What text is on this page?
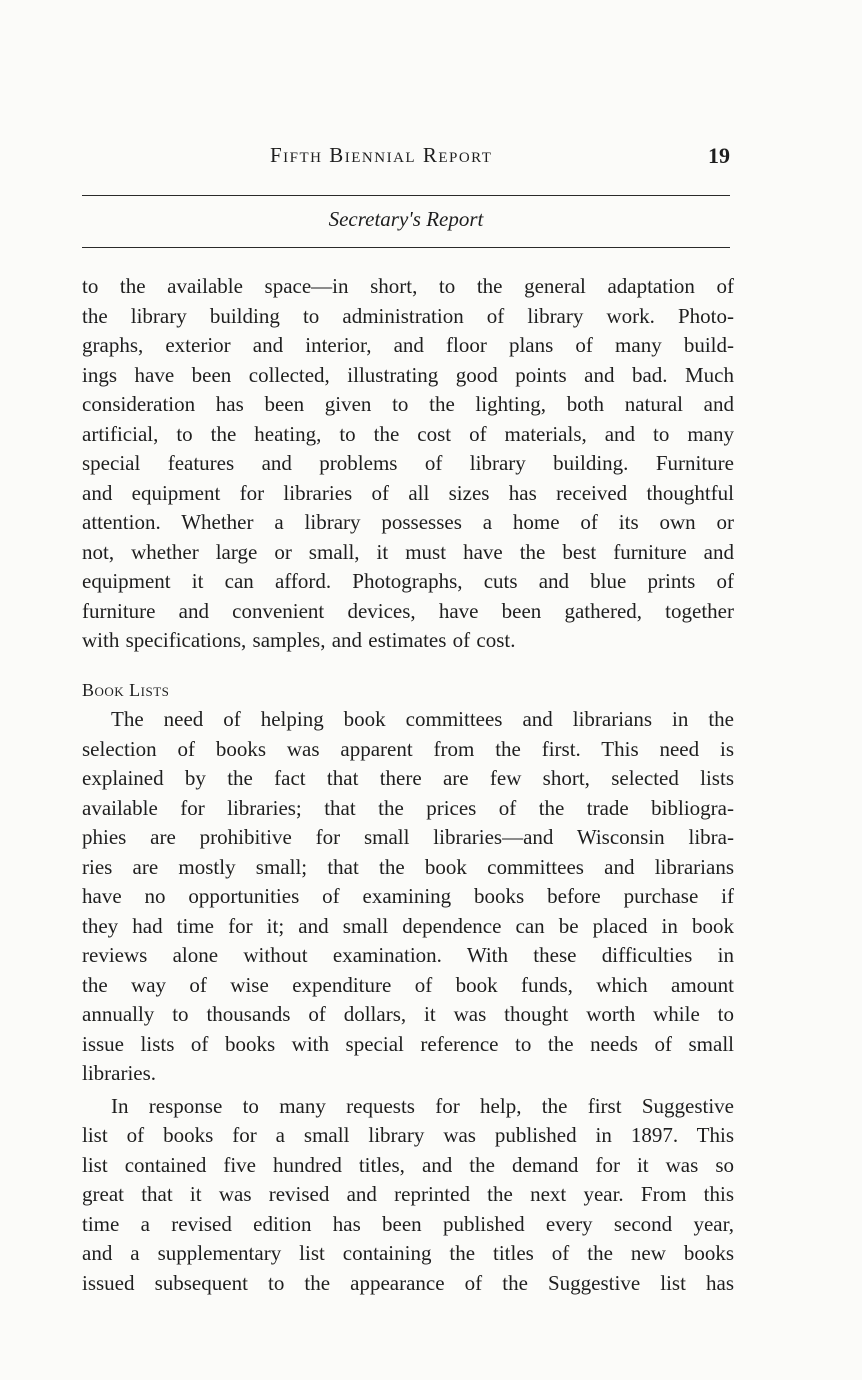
Fifth Biennial Report	19
Secretary's Report
to the available space—in short, to the general adaptation of
the library building to administration of library work. Photo-
graphs, exterior and interior, and floor plans of many build-
ings have been collected, illustrating good points and bad. Much
consideration has been given to the lighting, both natural and
artificial, to the heating, to the cost of materials, and to many
special features and problems of library building. Furniture
and equipment for libraries of all sizes has received thoughtful
attention. Whether a library possesses a home of its own or
not, whether large or small, it must have the best furniture and
equipment it can afford. Photographs, cuts and blue prints of
furniture and convenient devices, have been gathered, together
with specifications, samples, and estimates of cost.
Book Lists
The need of helping book committees and librarians in the
selection of books was apparent from the first. This need is
explained by the fact that there are few short, selected lists
available for libraries; that the prices of the trade bibliogra-
phies are prohibitive for small libraries—and Wisconsin libra-
ries are mostly small; that the book committees and librarians
have no opportunities of examining books before purchase if
they had time for it; and small dependence can be placed in book
reviews alone without examination. With these difficulties in
the way of wise expenditure of book funds, which amount
annually to thousands of dollars, it was thought worth while to
issue lists of books with special reference to the needs of small
libraries.
In response to many requests for help, the first Suggestive
list of books for a small library was published in 1897. This
list contained five hundred titles, and the demand for it was so
great that it was revised and reprinted the next year. From this
time a revised edition has been published every second year,
and a supplementary list containing the titles of the new books
issued subsequent to the appearance of the Suggestive list has
